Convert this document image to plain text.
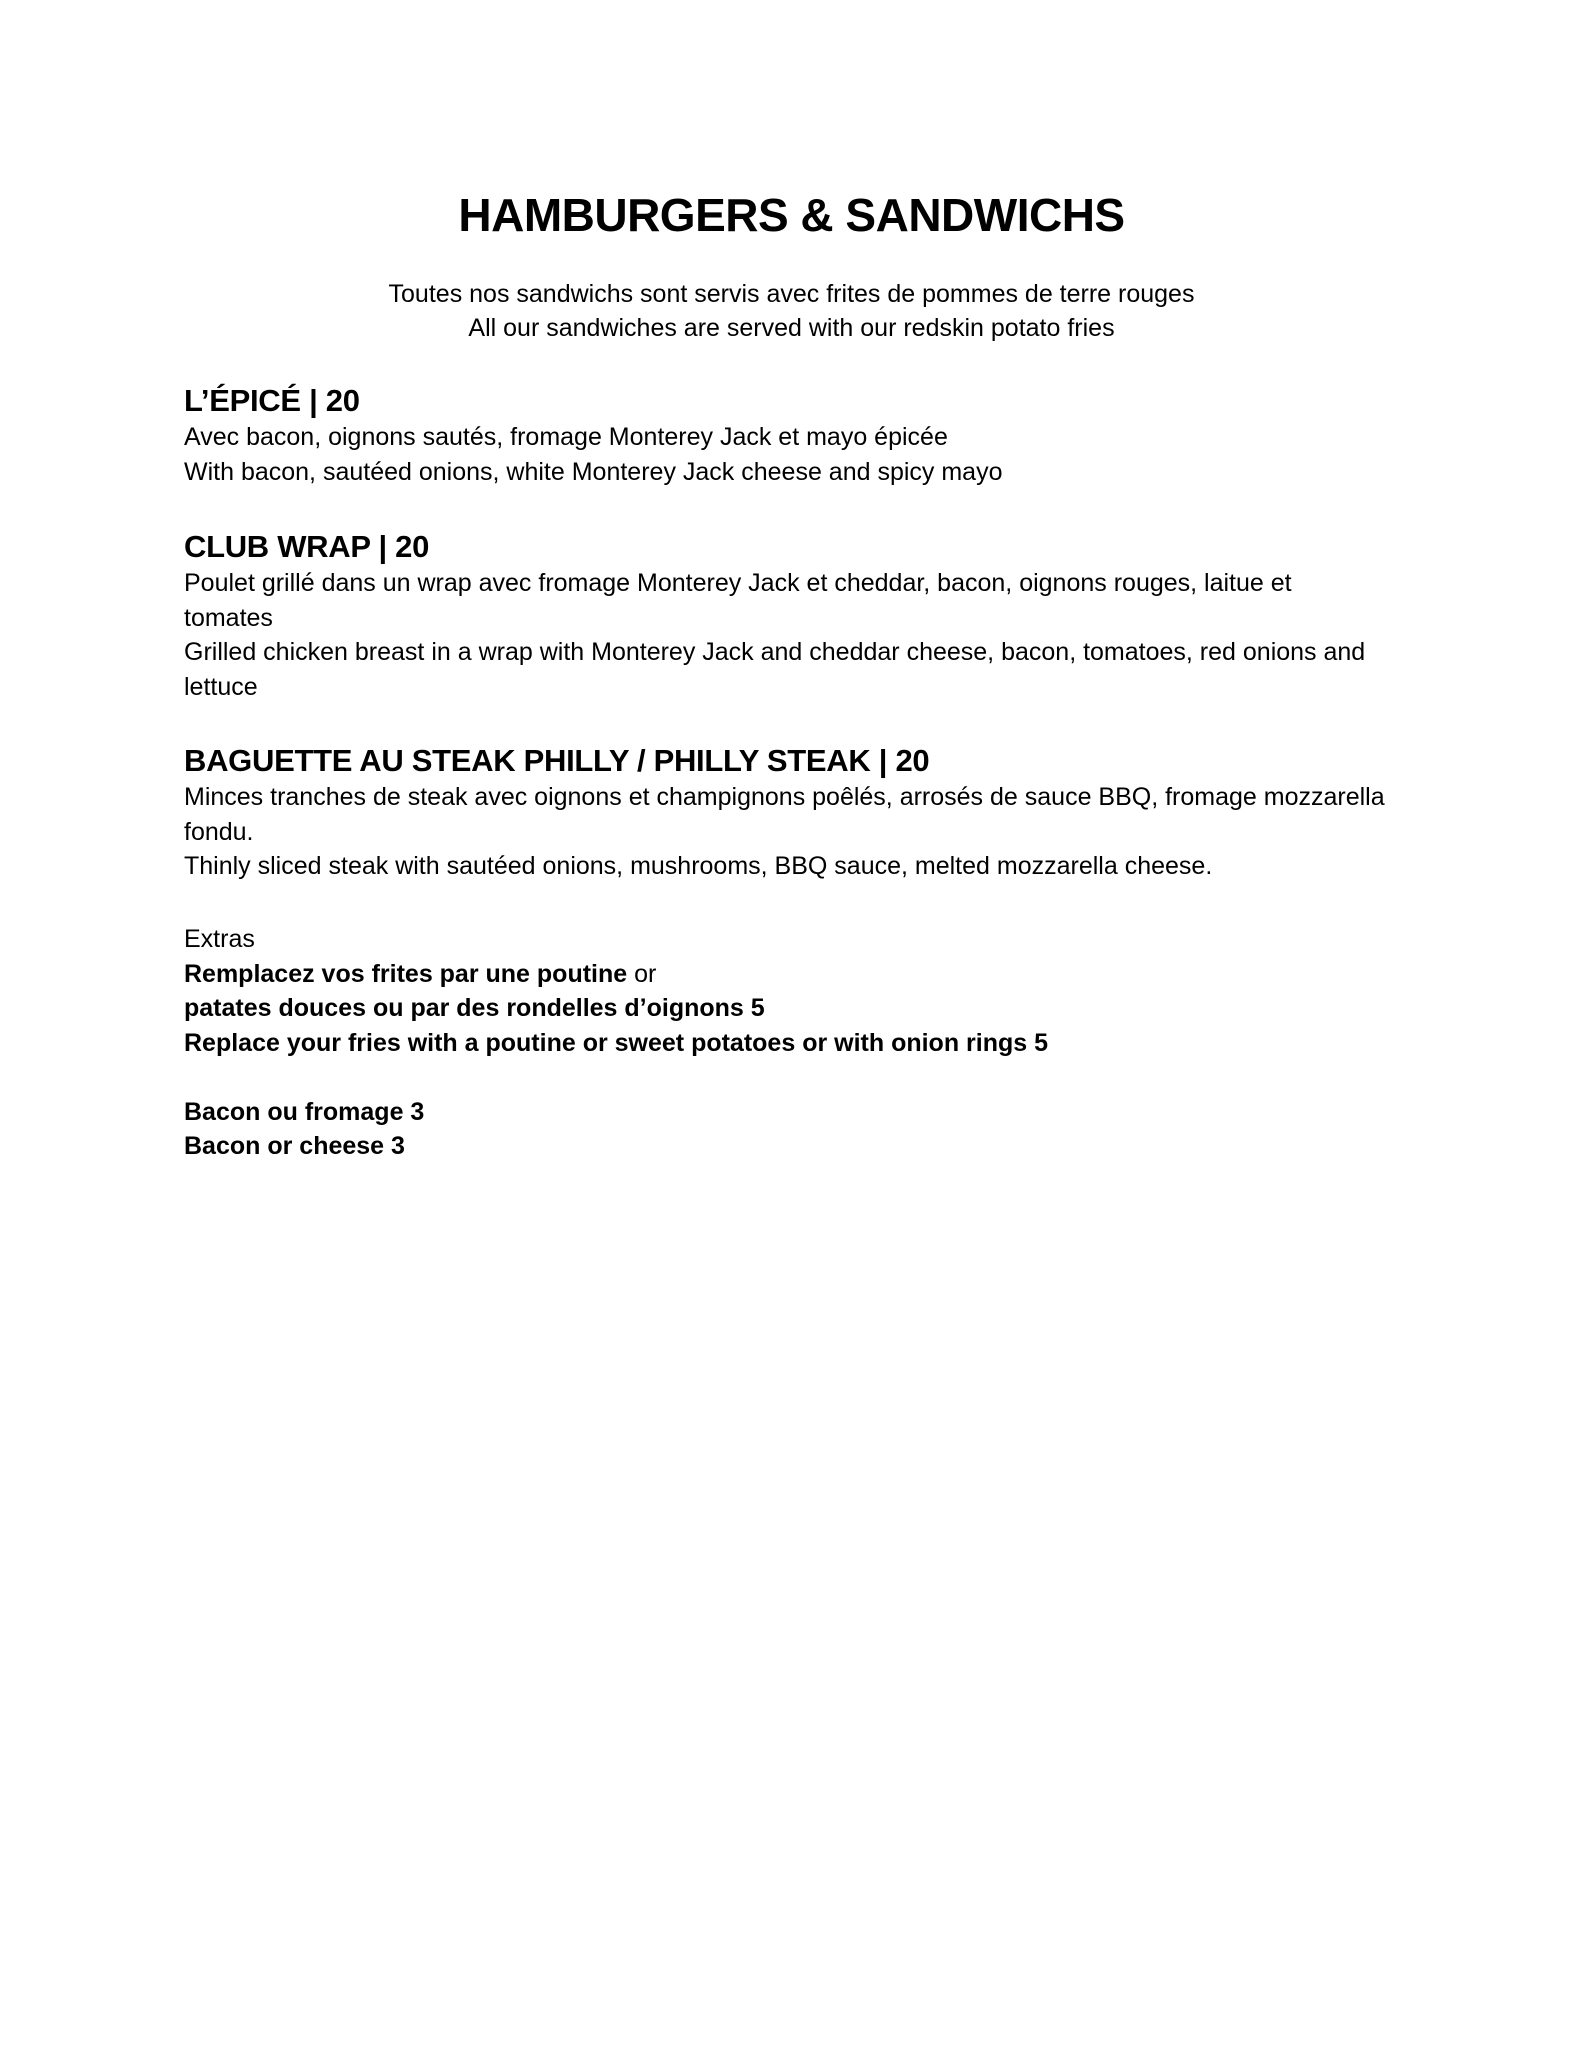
HAMBURGERS & SANDWICHS

Toutes nos sandwichs sont servis avec frites de pommes de terre rouges

All our sandwiches are served with our redskin potato fries

L’ÉPICÉ | 20

Avec bacon, oignons sautés, fromage Monterey Jack et mayo épicée

With bacon, sautéed onions, white Monterey Jack cheese and spicy mayo

CLUB WRAP | 20

Poulet grillé dans un wrap avec fromage Monterey Jack et cheddar, bacon, oignons rouges, laitue et

tomates

Grilled chicken breast in a wrap with Monterey Jack and cheddar cheese, bacon, tomatoes, red onions and

lettuce

BAGUETTE AU STEAK PHILLY / PHILLY STEAK | 20

Minces tranches de steak avec oignons et champignons poêlés, arrosés de sauce BBQ, fromage mozzarella

fondu.

Thinly sliced steak with sautéed onions, mushrooms, BBQ sauce, melted mozzarella cheese.

Extras

Remplacez vos frites par une poutine or

patates douces ou par des rondelles d’oignons 5

Replace your fries with a poutine or sweet potatoes or with onion rings 5

Bacon ou fromage 3

Bacon or cheese 3
